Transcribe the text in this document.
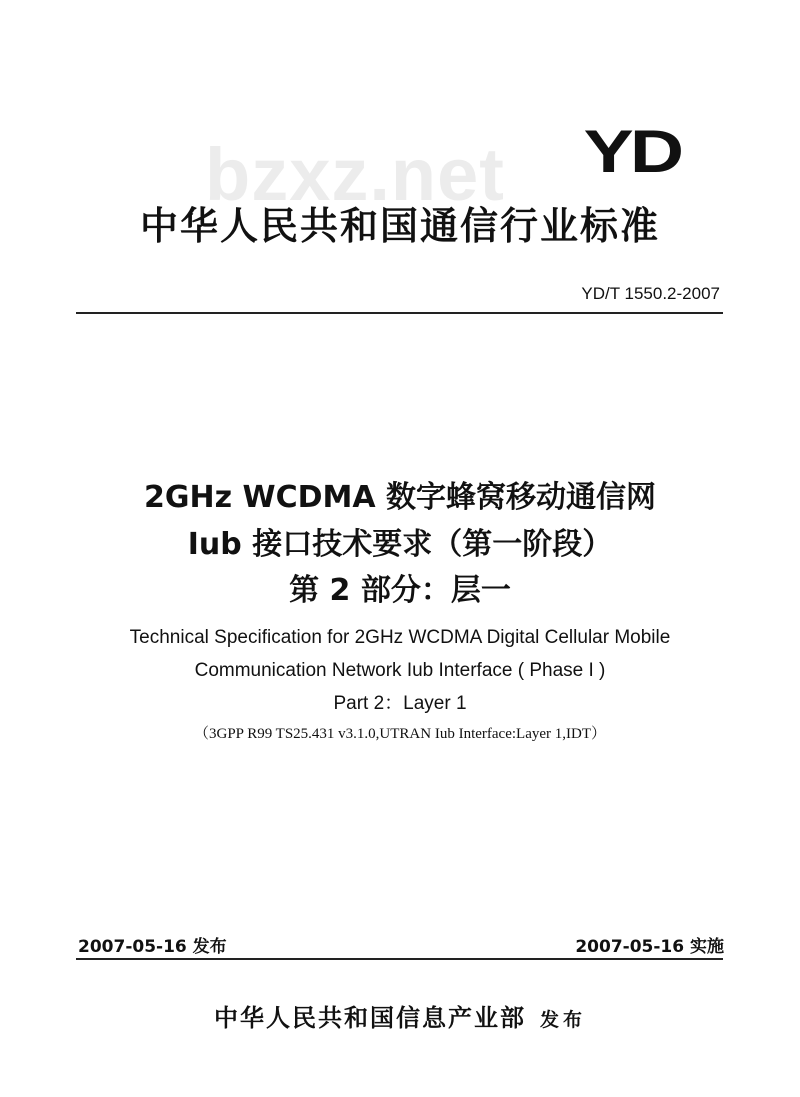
bzxz.net YD
中华人民共和国通信行业标准
YD/T 1550.2-2007
2GHz WCDMA 数字蜂窝移动通信网
Iub 接口技术要求（第一阶段）
第 2 部分：层一
Technical Specification for 2GHz WCDMA Digital Cellular Mobile
Communication Network Iub Interface ( Phase I )
Part 2：Layer 1
（3GPP R99 TS25.431 v3.1.0,UTRAN Iub Interface:Layer 1,IDT）
2007-05-16 发布	2007-05-16 实施
中华人民共和国信息产业部 发布
